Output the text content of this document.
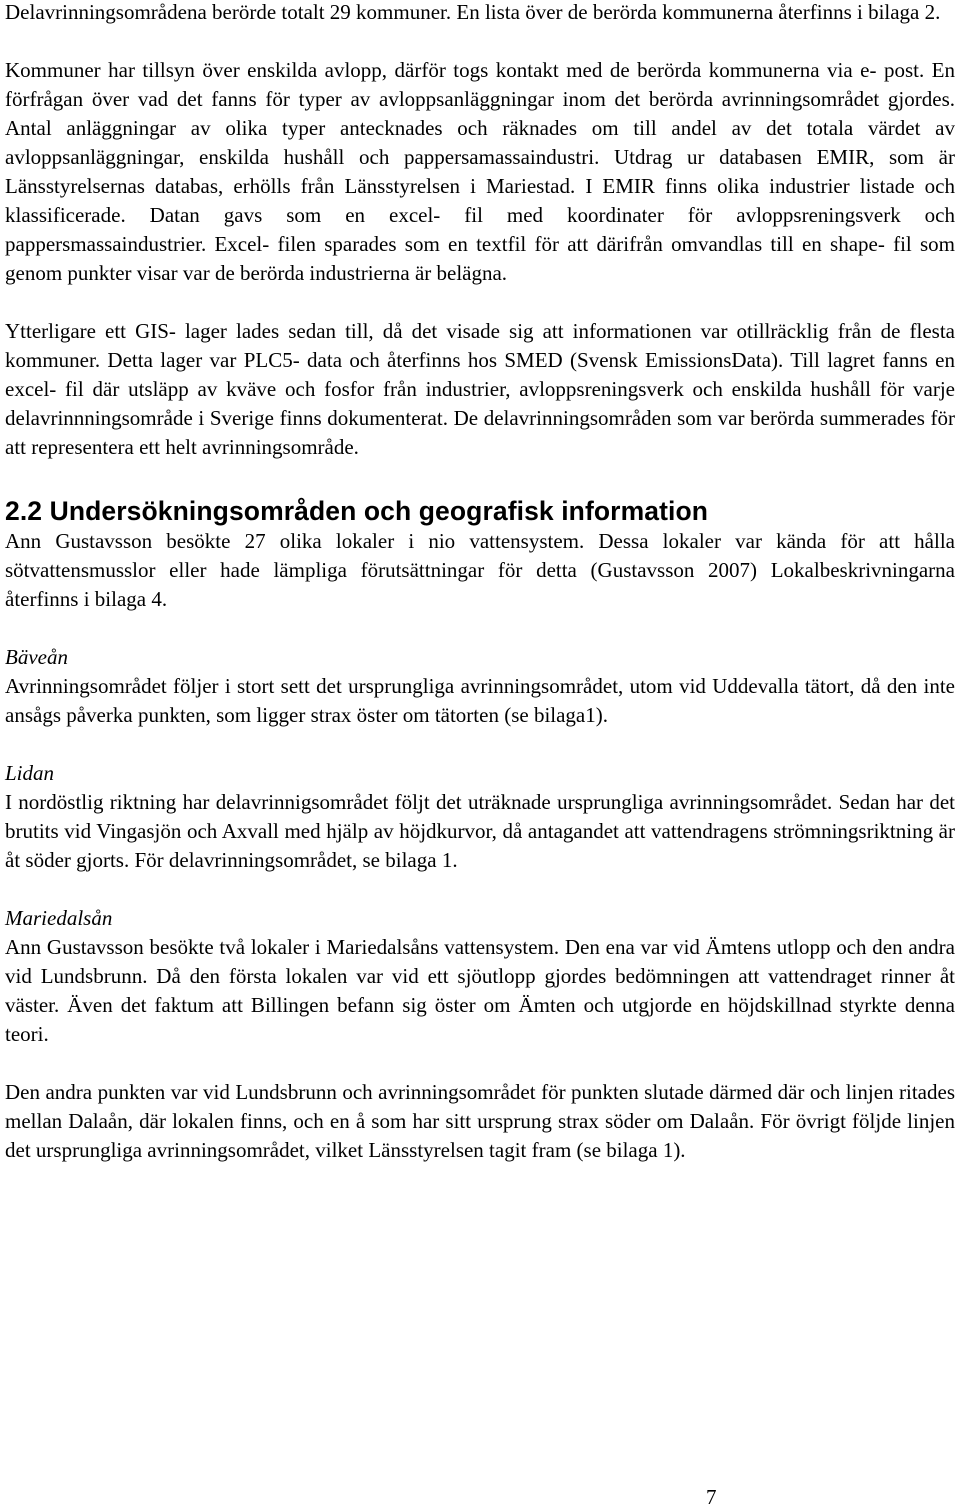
Delavrinningsområdena berörde totalt 29 kommuner. En lista över de berörda kommunerna återfinns i bilaga 2.

Kommuner har tillsyn över enskilda avlopp, därför togs kontakt med de berörda kommunerna via e- post. En förfrågan över vad det fanns för typer av avloppsanläggningar inom det berörda avrinningsområdet gjordes. Antal anläggningar av olika typer antecknades och räknades om till andel av det totala värdet av avloppsanläggningar, enskilda hushåll och pappersamassaindustri. Utdrag ur databasen EMIR, som är Länsstyrelsernas databas, erhölls från Länsstyrelsen i Mariestad. I EMIR finns olika industrier listade och klassificerade. Datan gavs som en excel- fil med koordinater för avloppsreningsverk och pappersmassaindustrier. Excel- filen sparades som en textfil för att därifrån omvandlas till en shape- fil som genom punkter visar var de berörda industrierna är belägna.

Ytterligare ett GIS- lager lades sedan till, då det visade sig att informationen var otillräcklig från de flesta kommuner. Detta lager var PLC5- data och återfinns hos SMED (Svensk EmissionsData). Till lagret fanns en excel- fil där utsläpp av kväve och fosfor från industrier, avloppsreningsverk och enskilda hushåll för varje delavrinnningsområde i Sverige finns dokumenterat. De delavrinningsområden som var berörda summerades för att representera ett helt avrinningsområde.

2.2 Undersökningsområden och geografisk information

Ann Gustavsson besökte 27 olika lokaler i nio vattensystem. Dessa lokaler var kända för att hålla sötvattensmusslor eller hade lämpliga förutsättningar för detta (Gustavsson 2007) Lokalbeskrivningarna återfinns i bilaga 4.

Bäveån

Avrinningsområdet följer i stort sett det ursprungliga avrinningsområdet, utom vid Uddevalla tätort, då den inte ansågs påverka punkten, som ligger strax öster om tätorten (se bilaga1).

Lidan

I nordöstlig riktning har delavrinnigsområdet följt det uträknade ursprungliga avrinningsområdet. Sedan har det brutits vid Vingasjön och Axvall med hjälp av höjdkurvor, då antagandet att vattendragens strömningsriktning är åt söder gjorts. För delavrinningsområdet, se bilaga 1.

Mariedalsån

Ann Gustavsson besökte två lokaler i Mariedalsåns vattensystem. Den ena var vid Ämtens utlopp och den andra vid Lundsbrunn. Då den första lokalen var vid ett sjöutlopp gjordes bedömningen att vattendraget rinner åt väster. Även det faktum att Billingen befann sig öster om Ämten och utgjorde en höjdskillnad styrkte denna teori.

Den andra punkten var vid Lundsbrunn och avrinningsområdet för punkten slutade därmed där och linjen ritades mellan Dalaån, där lokalen finns, och en å som har sitt ursprung strax söder om Dalaån. För övrigt följde linjen det ursprungliga avrinningsområdet, vilket Länsstyrelsen tagit fram (se bilaga 1).

7
